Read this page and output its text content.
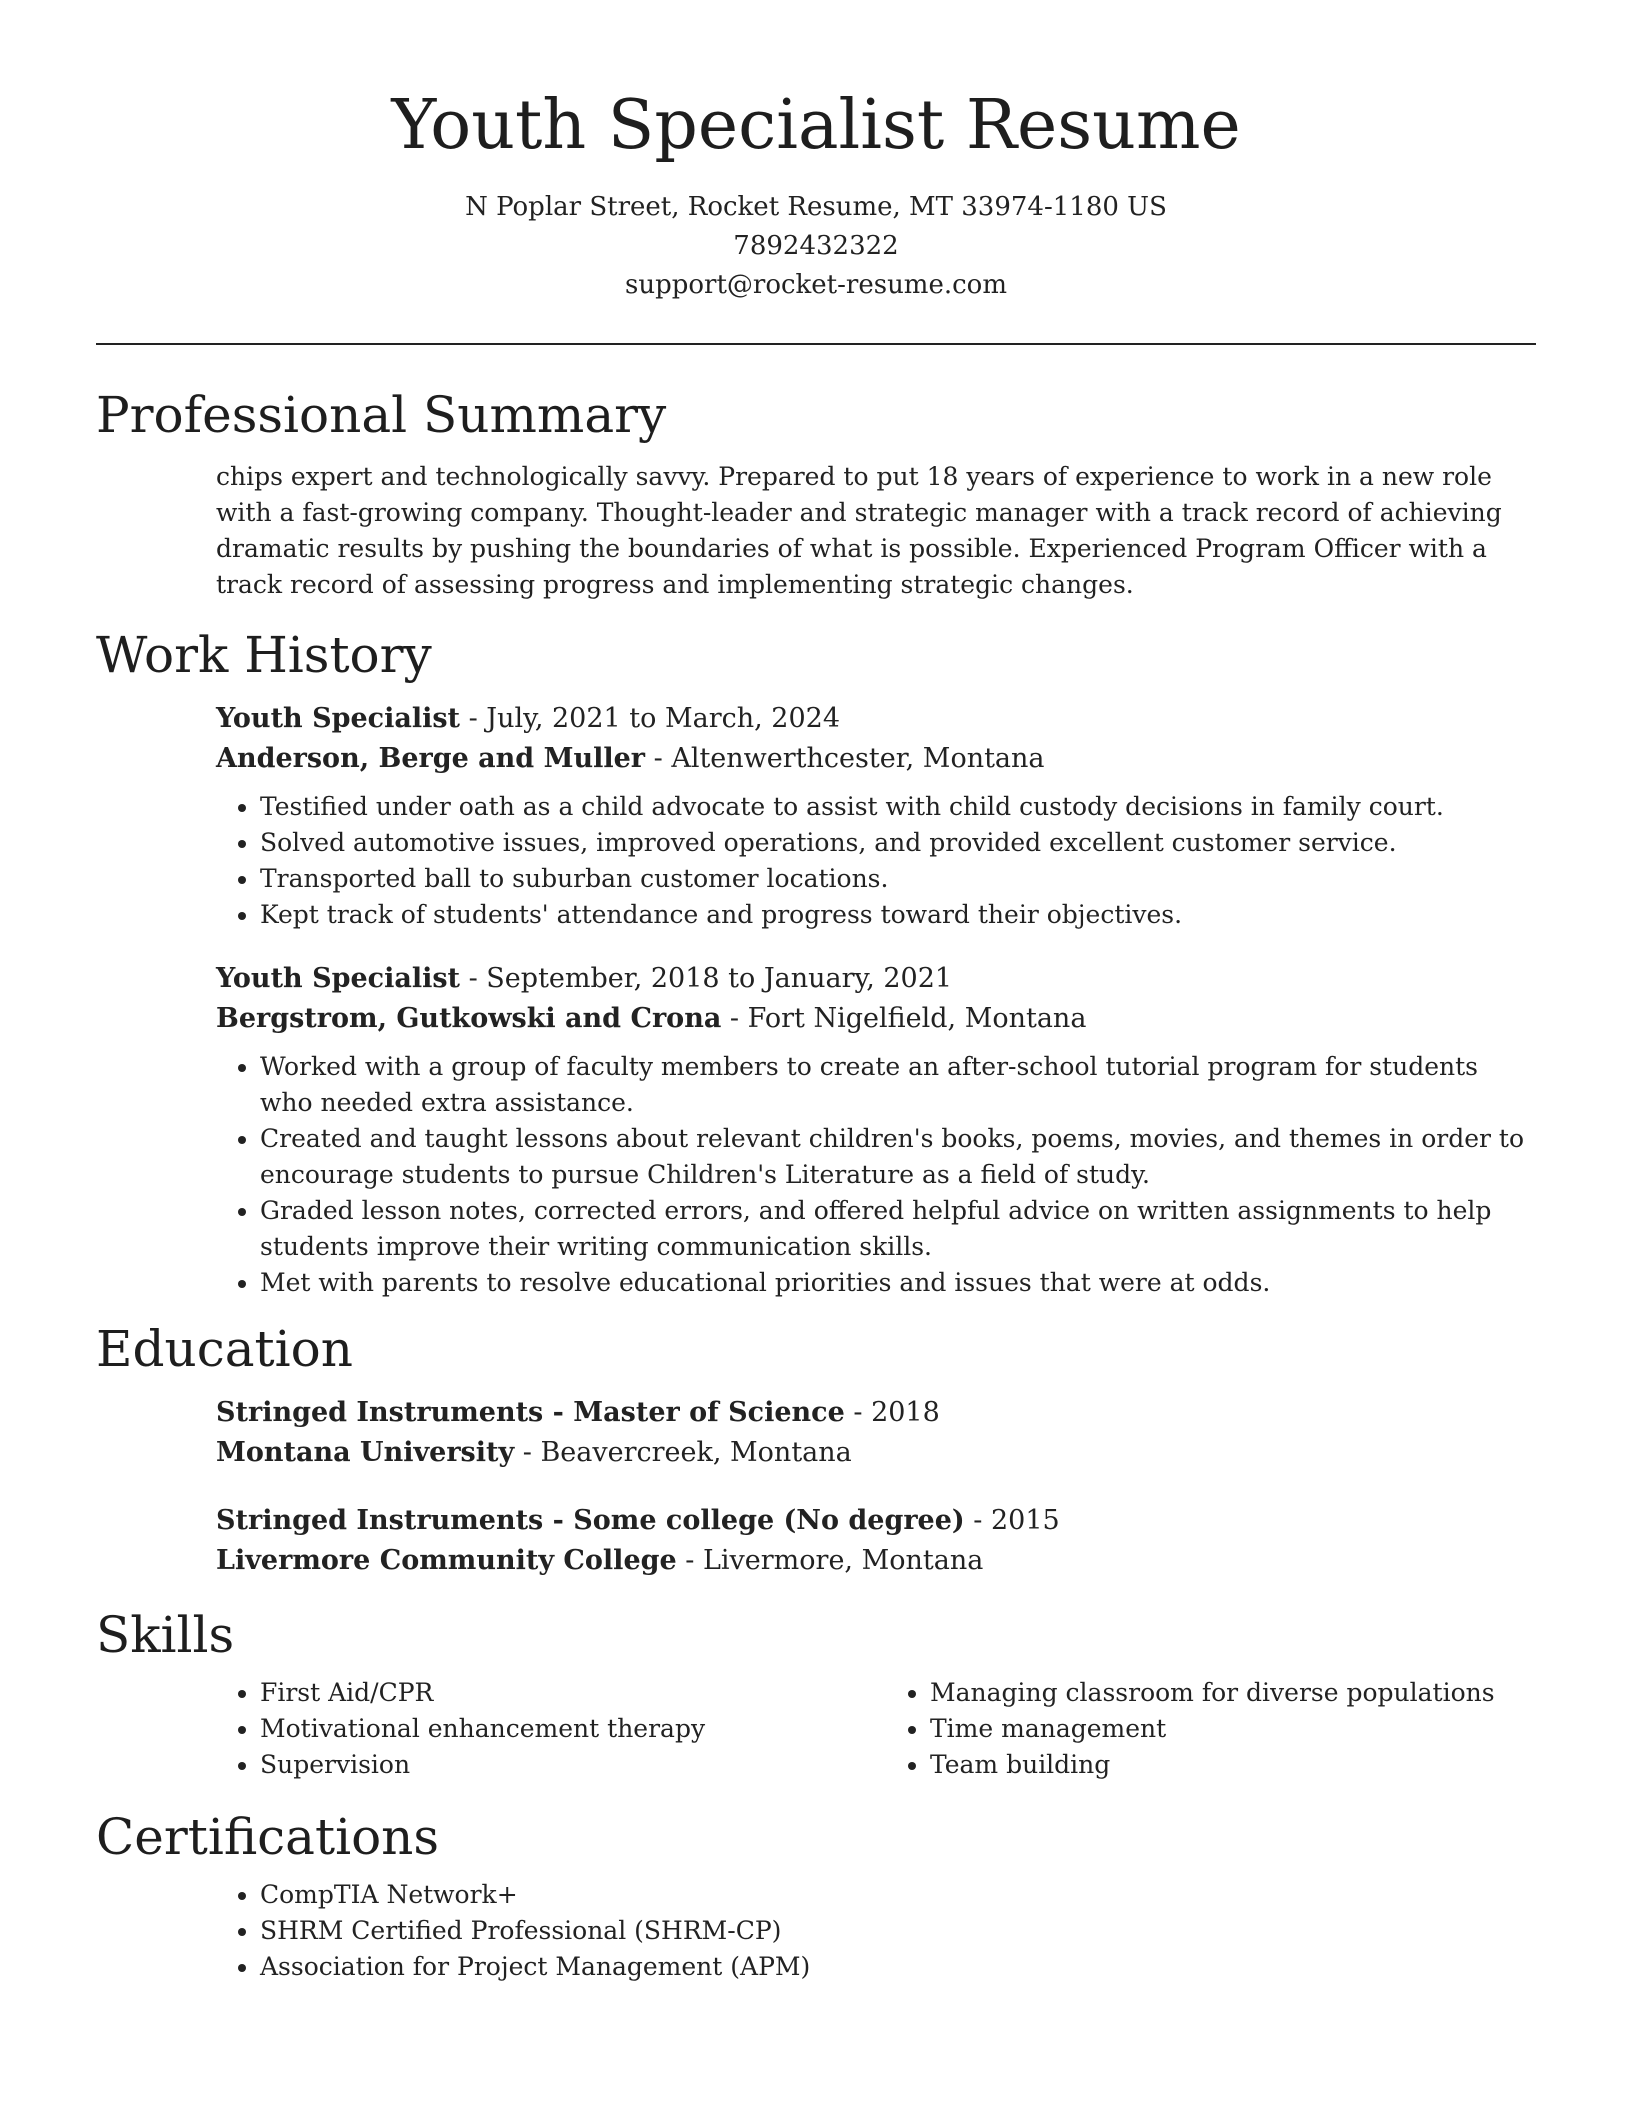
Youth Specialist Resume
N Poplar Street, Rocket Resume, MT 33974-1180 US
7892432322
support@rocket-resume.com
Professional Summary

chips expert and technologically savvy. Prepared to put 18 years of experience to work in a new role with a fast-growing company. Thought-leader and strategic manager with a track record of achieving dramatic results by pushing the boundaries of what is possible. Experienced Program Officer with a track record of assessing progress and implementing strategic changes.

Work History
Youth Specialist - July, 2021 to March, 2024
Anderson, Berge and Muller - Altenwerthcester, Montana
• Testified under oath as a child advocate to assist with child custody decisions in family court.
• Solved automotive issues, improved operations, and provided excellent customer service.
• Transported ball to suburban customer locations.
• Kept track of students' attendance and progress toward their objectives.
Youth Specialist - September, 2018 to January, 2021
Bergstrom, Gutkowski and Crona - Fort Nigelfield, Montana
• Worked with a group of faculty members to create an after-school tutorial program for students who needed extra assistance.
• Created and taught lessons about relevant children's books, poems, movies, and themes in order to encourage students to pursue Children's Literature as a field of study.
• Graded lesson notes, corrected errors, and offered helpful advice on written assignments to help students improve their writing communication skills.
• Met with parents to resolve educational priorities and issues that were at odds.
Education
Stringed Instruments - Master of Science - 2018
Montana University - Beavercreek, Montana
Stringed Instruments - Some college (No degree) - 2015
Livermore Community College - Livermore, Montana
Skills
• First Aid/CPR
• Motivational enhancement therapy
• Supervision
• Managing classroom for diverse populations
• Time management
• Team building
Certifications
• CompTIA Network+
• SHRM Certified Professional (SHRM-CP)
• Association for Project Management (APM)
